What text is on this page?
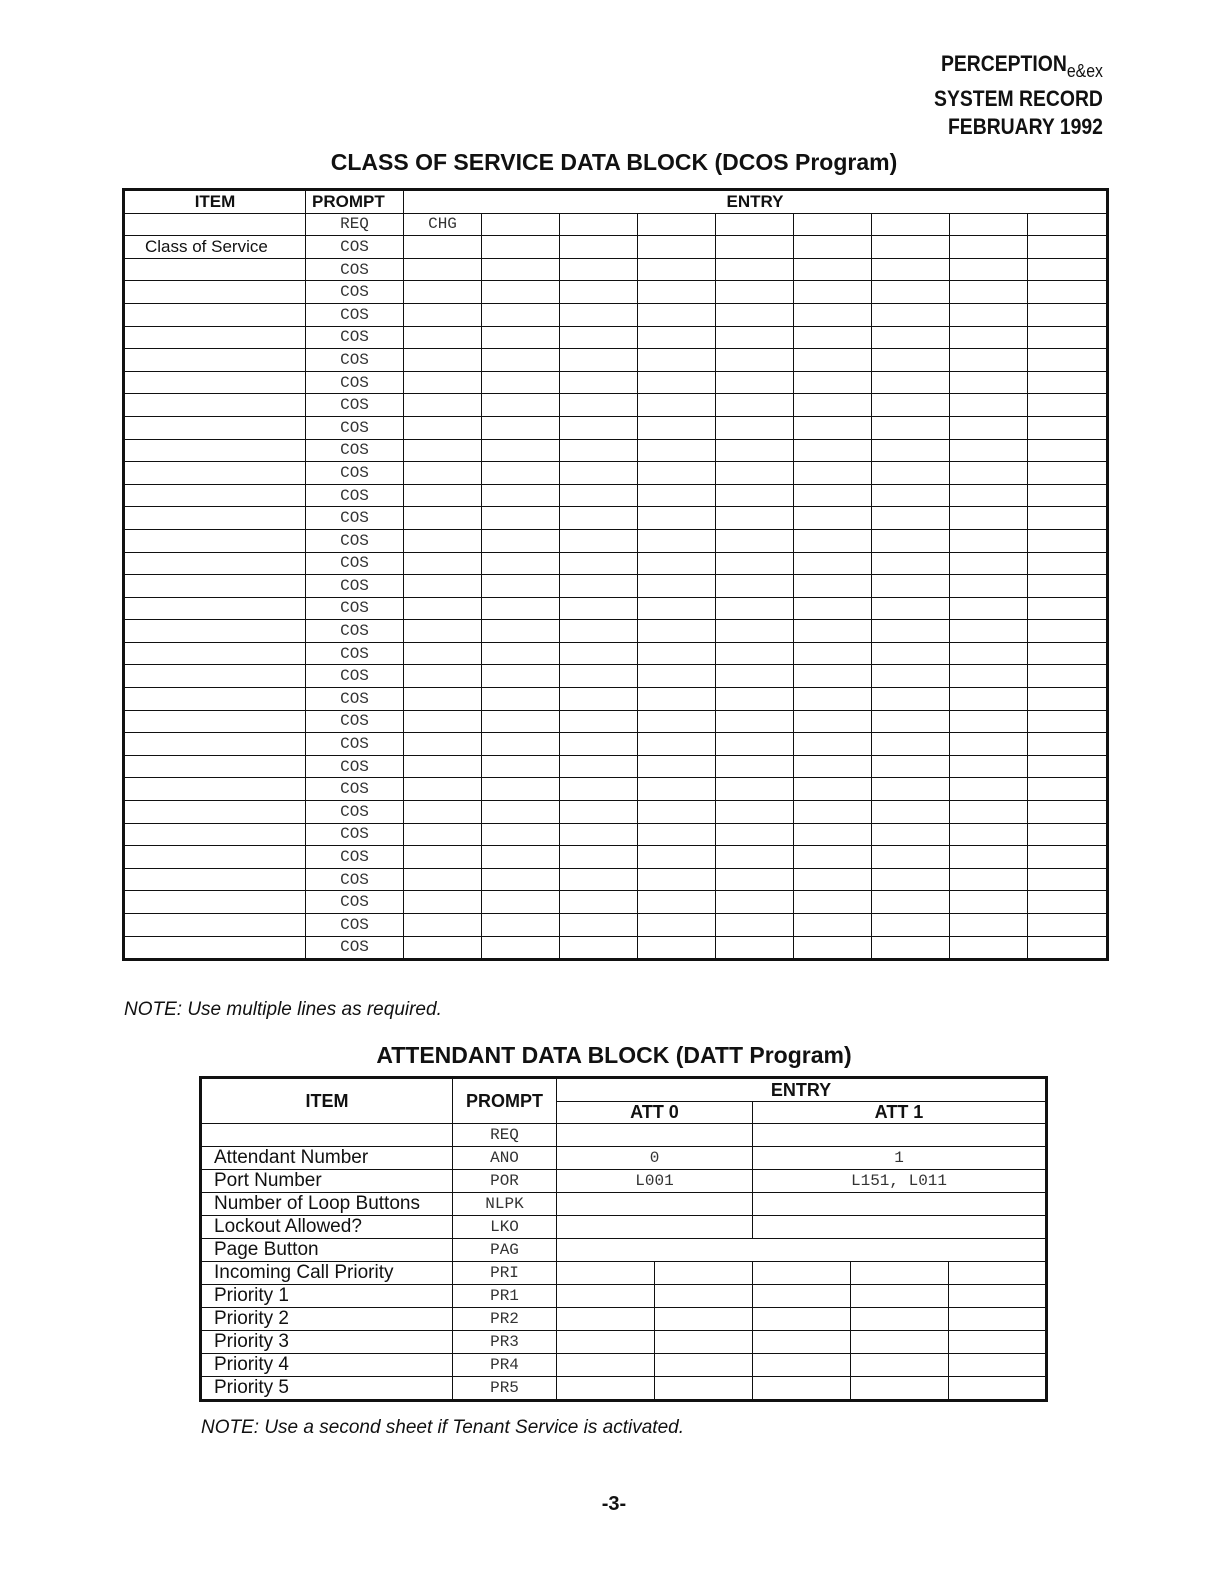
$PERCEPTION_{e\&ex}$
SYSTEM RECORD
FEBRUARY 1992
CLASS OF SERVICE DATA BLOCK (DCOS Program)
ITEM	PROMPT	ENTRY								
	REQ	CHG								
Class of Service	COS									
	COS									
	COS									
	COS									
	COS									
	COS									
	COS									
	COS									
	COS									
	COS									
	COS									
	COS									
	COS									
	COS									
	COS									
	COS									
	COS									
	COS									
	COS									
	COS									
	COS									
	COS									
	COS									
	COS									
	COS									
	COS									
	COS									
	COS									
	COS									
	COS									
	COS									
	COS									
NOTE: Use multiple lines as required.
ATTENDANT DATA BLOCK (DATT Program)
ITEM	PROMPT	ENTRY				
		ATT 0		ATT 1		
	REQ					
Attendant Number	ANO	0		1		
Port Number	POR	L001		L151, L011		
Number of Loop Buttons	NLPK					
Lockout Allowed?	LKO					
Page Button	PAG					
Incoming Call Priority	PRI					
Priority 1	PR1					
Priority 2	PR2					
Priority 3	PR3					
Priority 4	PR4					
Priority 5	PR5					
NOTE: Use a second sheet if Tenant Service is activated.
-3-
